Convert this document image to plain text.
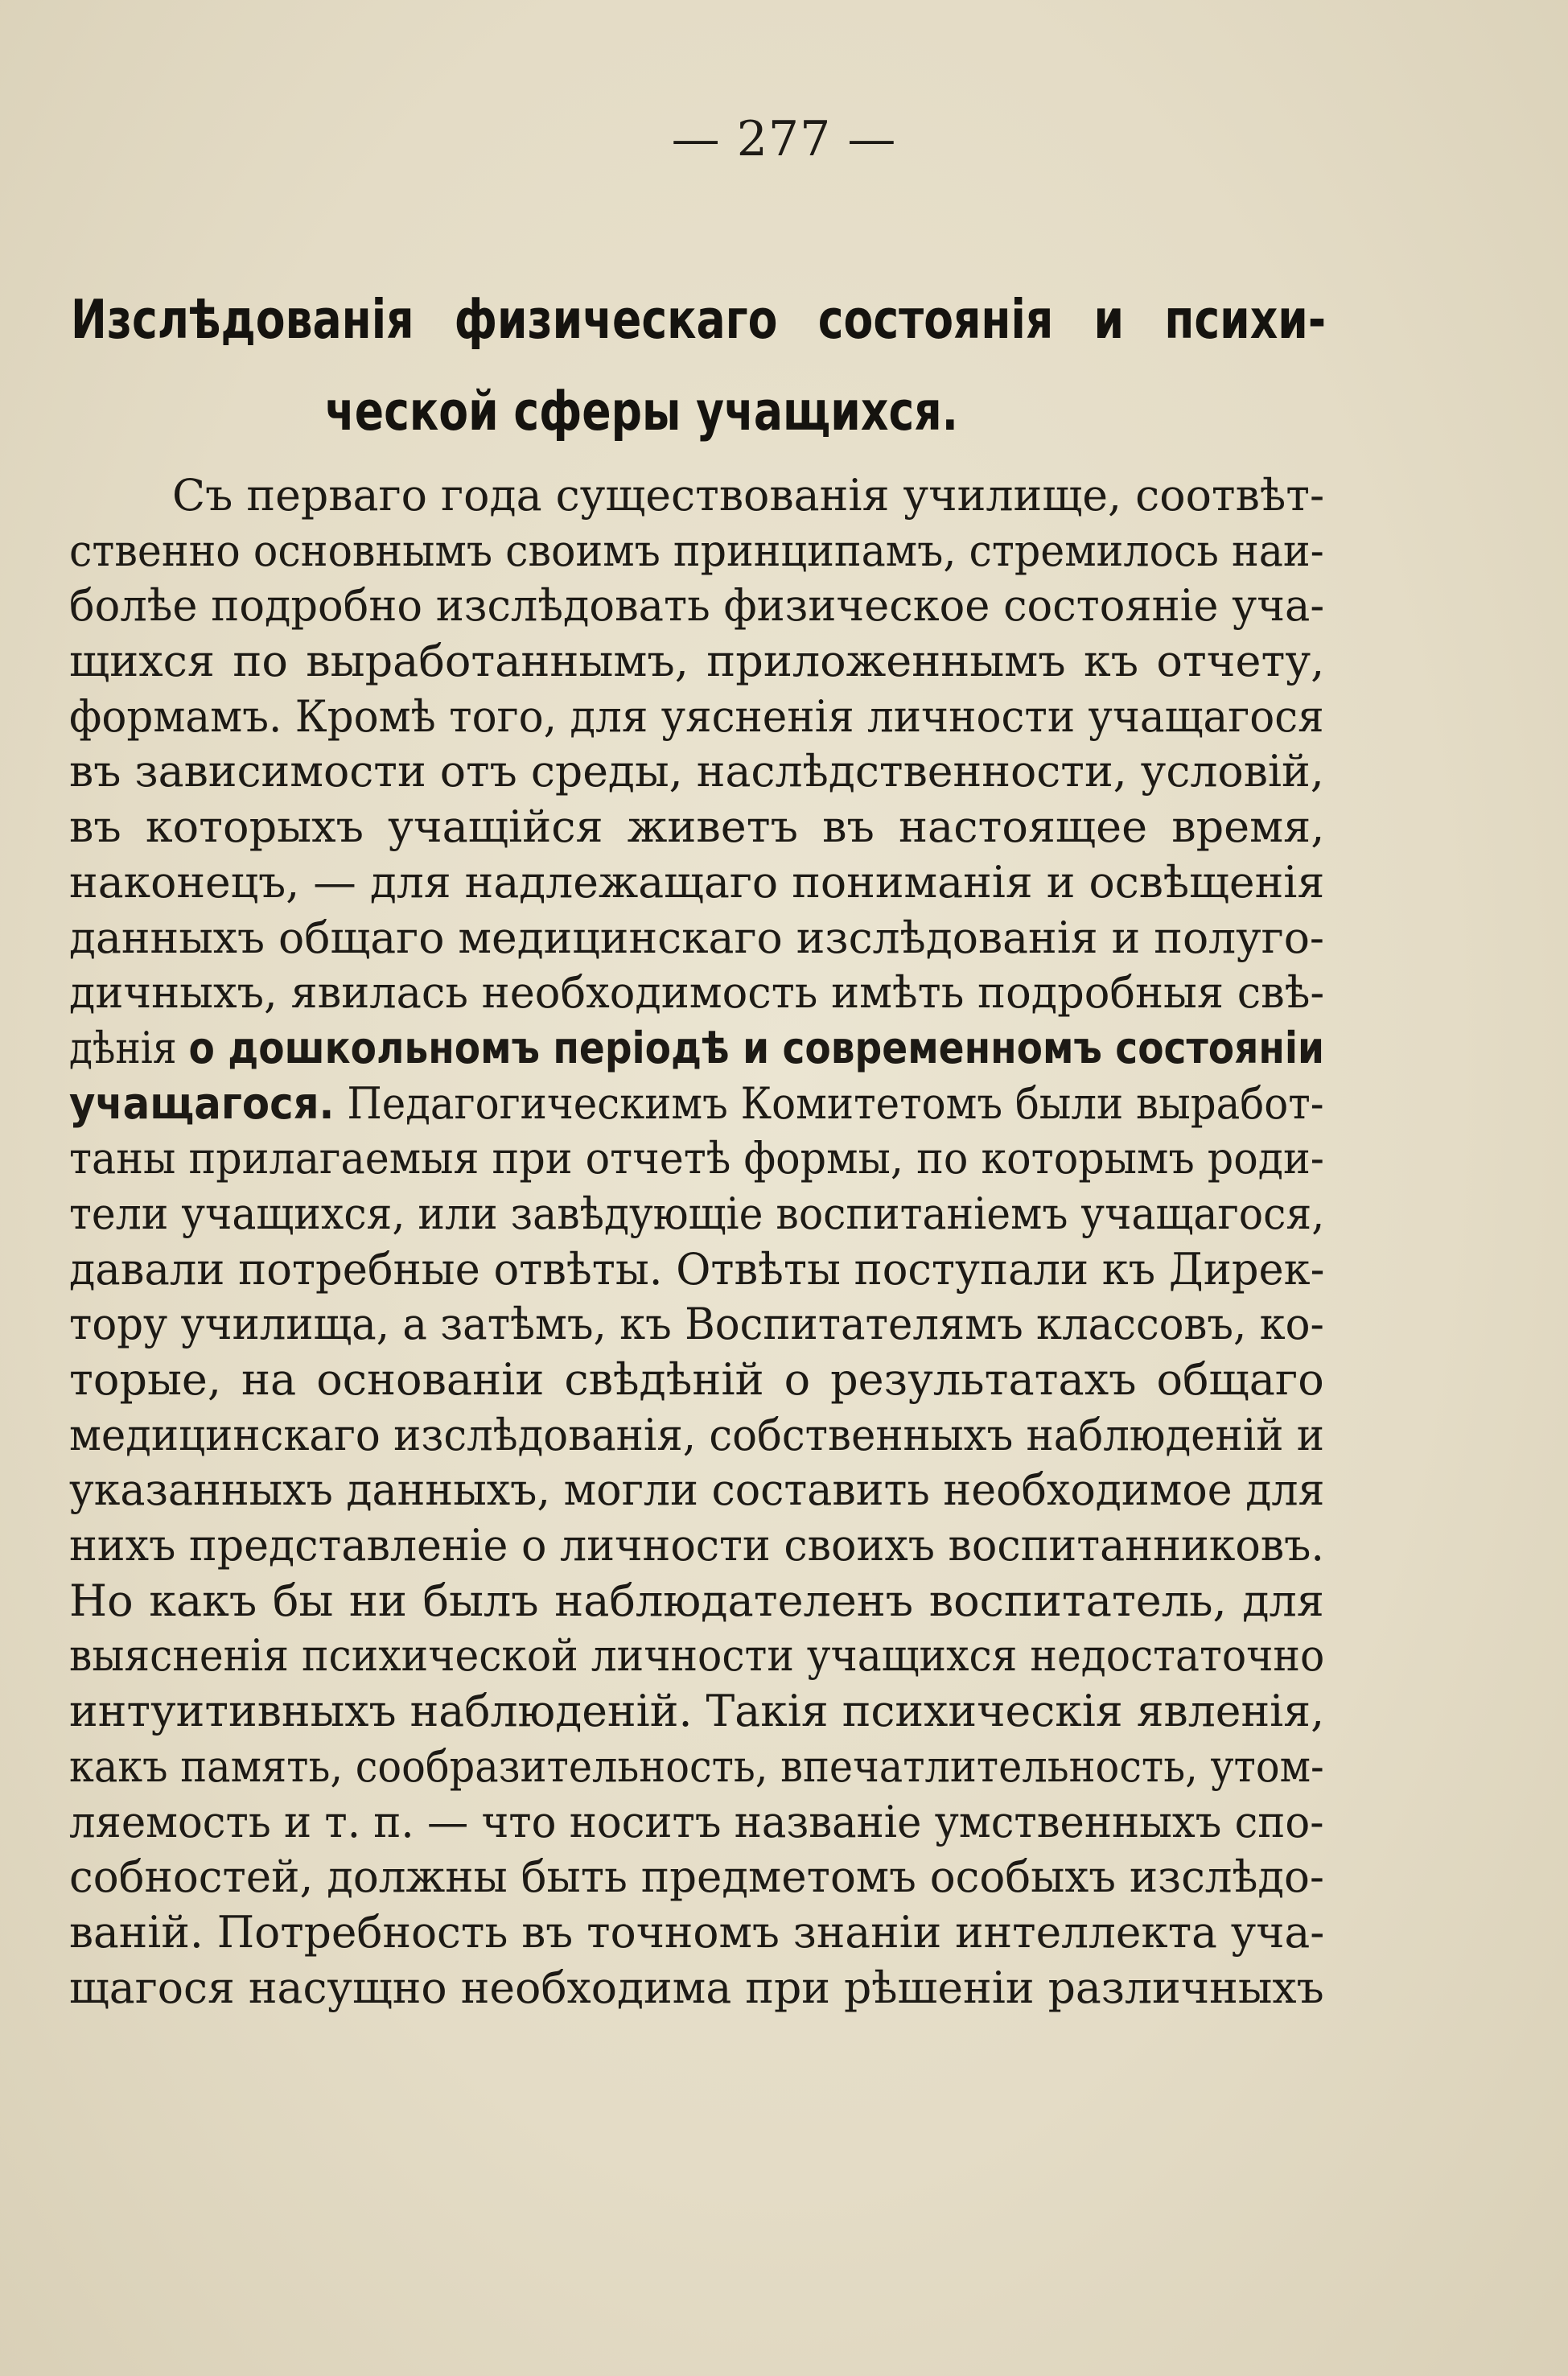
— 277 —
Изслѣдованія физическаго состоянія и психи-
ческой сферы учащихся.
Съ перваго года существованія училище, соотвѣт-
ственно основнымъ своимъ принципамъ, стремилось наи-
болѣе подробно изслѣдовать физическое состояніе уча-
щихся по выработаннымъ, приложеннымъ къ отчету,
формамъ. Кромѣ того, для уясненія личности учащагося
въ зависимости отъ среды, наслѣдственности, условій,
въ которыхъ учащійся живетъ въ настоящее время,
наконецъ, — для надлежащаго пониманія и освѣщенія
данныхъ общаго медицинскаго изслѣдованія и полуго-
дичныхъ, явилась необходимость имѣть подробныя свѣ-
дѣнія о дошкольномъ періодѣ и современномъ состояніи
учащагося. Педагогическимъ Комитетомъ были выработ-
таны прилагаемыя при отчетѣ формы, по которымъ роди-
тели учащихся, или завѣдующіе воспитаніемъ учащагося,
давали потребные отвѣты. Отвѣты поступали къ Дирек-
тору училища, а затѣмъ, къ Воспитателямъ классовъ, ко-
торые, на основаніи свѣдѣній о результатахъ общаго
медицинскаго изслѣдованія, собственныхъ наблюденій и
указанныхъ данныхъ, могли составить необходимое для
нихъ представленіе о личности своихъ воспитанниковъ.
Но какъ бы ни былъ наблюдателенъ воспитатель, для
выясненія психической личности учащихся недостаточно
интуитивныхъ наблюденій. Такія психическія явленія,
какъ память, сообразительность, впечатлительность, утом-
ляемость и т. п. — что носитъ названіе умственныхъ спо-
собностей, должны быть предметомъ особыхъ изслѣдо-
ваній. Потребность въ точномъ знаніи интеллекта уча-
щагося насущно необходима при рѣшеніи различныхъ
